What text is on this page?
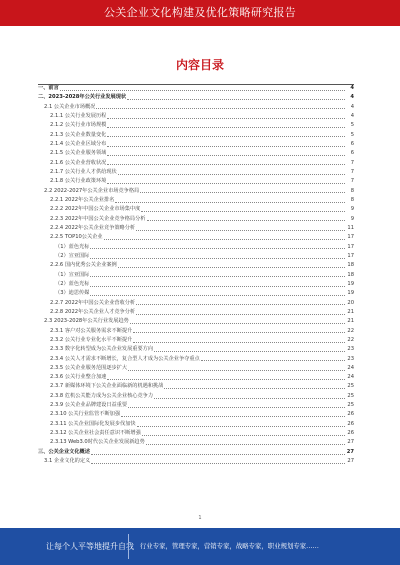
公关企业文化构建及优化策略研究报告
内容目录
一、前言	4
二、2023-2028年公关行业发展现状	4
2.1 公关企业市场概况	4
2.1.1 公关行业发展历程	4
2.1.2 公关行业市场规模	5
2.1.3 公关企业数量变化	5
2.1.4 公关企业区域分布	6
2.1.5 公关企业服务领域	6
2.1.6 公关企业营收状况	7
2.1.7 公关行业人才供给现状	7
2.1.8 公关行业政策环境	7
2.2 2022-2027年公关企业市场竞争格局	8
2.2.1 2022年公关企业排名	8
2.2.2 2022年中国公关企业市场集中度	9
2.2.3 2022年中国公关企业竞争格局分析	9
2.2.4 2022年公关企业竞争策略分析	11
2.2.5 TOP10公关企业	17
（1）蓝色光标	17
（2）宣亚国际	17
2.2.6 国内优秀公关企业案例	18
（1）宣亚国际	18
（2）蓝色光标	19
（3）迪思传媒	19
2.2.7 2022年中国公关企业营收分析	20
2.2.8 2022年公关企业人才竞争分析	21
2.3 2023-2028年公关行业发展趋势	21
2.3.1 客户对公关服务需求不断提升	22
2.3.2 公关行业专业化水平不断提升	22
2.3.3 数字化转型成为公关企业发展重要方向	23
2.3.4 公关人才需求不断增长，复合型人才成为公关企业争夺重点	23
2.3.5 公关企业服务范围逐步扩大	24
2.3.6 公关行业整合加速	24
2.3.7 新媒体环境下公关企业面临新的机遇和挑战	25
2.3.8 危机公关能力成为公关企业核心竞争力	25
2.3.9 公关企业品牌建设日益重要	25
2.3.10 公关行业监管不断加强	26
2.3.11 公关企业国际化发展步伐加快	26
2.3.12 公关企业社会责任意识不断增强	26
2.3.13 Web3.0时代公关企业发展新趋势	27
三、公关企业文化概述	27
3.1 企业文化的定义	27
1
让每个人平等地提升自我 行业专家，管理专家，营销专家，战略专家，职业规划专家……
